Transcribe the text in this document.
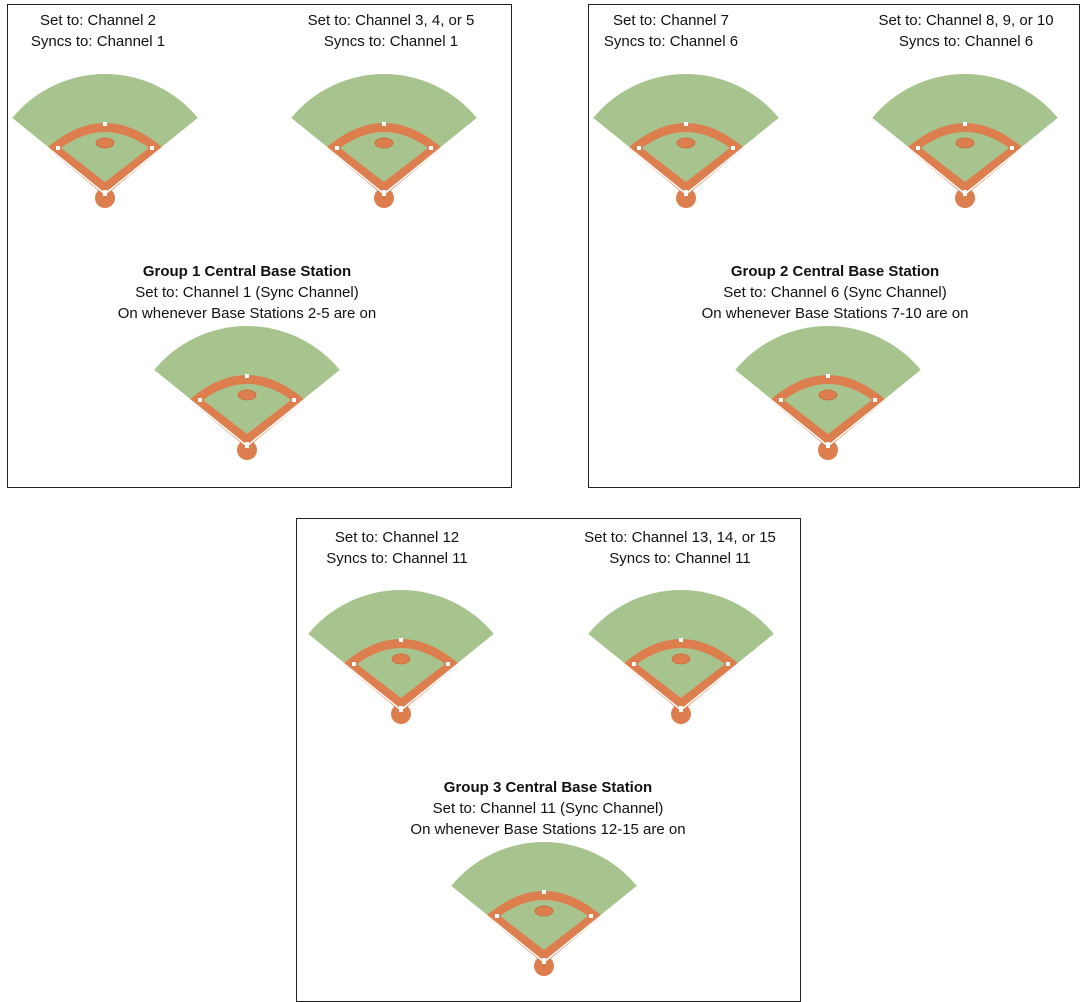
Set to: Channel 2
Syncs to: Channel 1
Set to: Channel 3, 4, or 5
Syncs to: Channel 1
Group 1 Central Base Station
Set to: Channel 1 (Sync Channel)
On whenever Base Stations 2-5 are on
Set to: Channel 7
Syncs to: Channel 6
Set to: Channel 8, 9, or 10
Syncs to: Channel 6
Group 2 Central Base Station
Set to: Channel 6 (Sync Channel)
On whenever Base Stations 7-10 are on
Set to: Channel 12
Syncs to: Channel 11
Set to: Channel 13, 14, or 15
Syncs to: Channel 11
Group 3 Central Base Station
Set to: Channel 11 (Sync Channel)
On whenever Base Stations 12-15 are on
